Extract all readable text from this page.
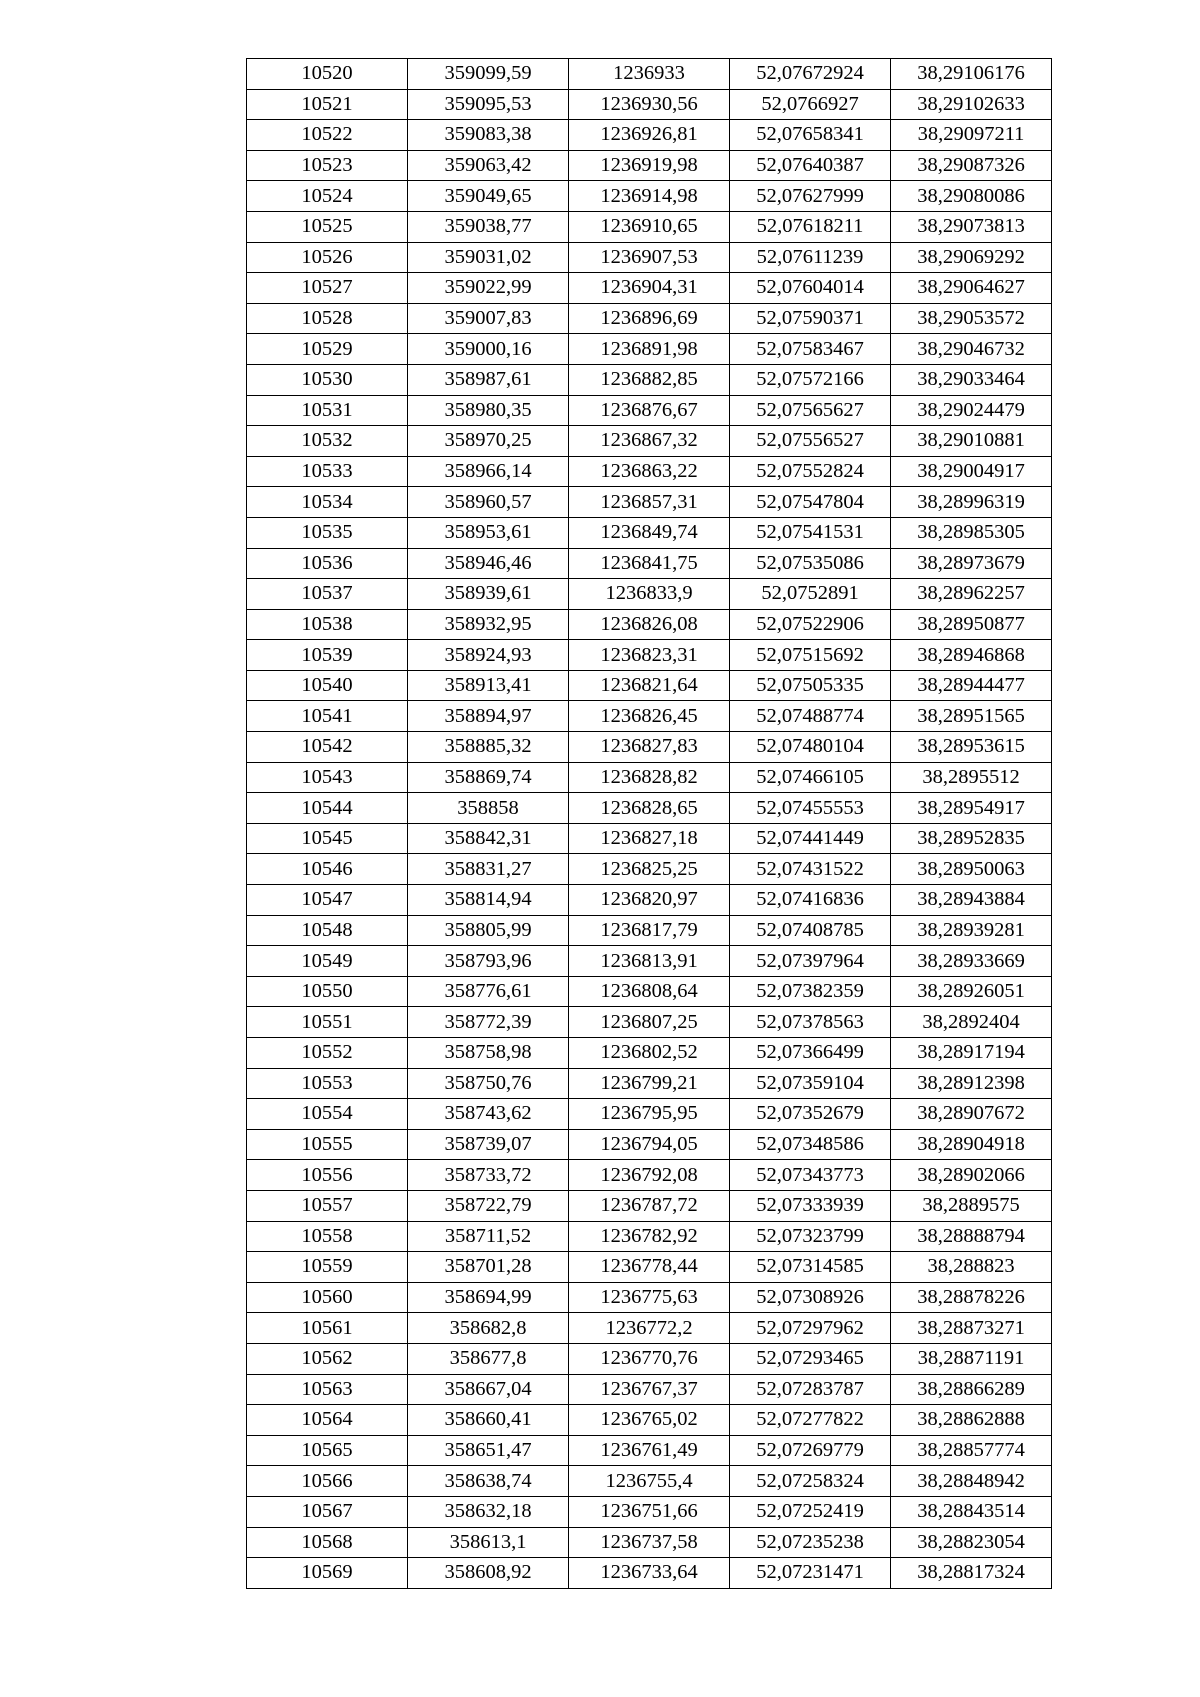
10520	359099,59	1236933	52,07672924	38,29106176
10521	359095,53	1236930,56	52,0766927	38,29102633
10522	359083,38	1236926,81	52,07658341	38,29097211
10523	359063,42	1236919,98	52,07640387	38,29087326
10524	359049,65	1236914,98	52,07627999	38,29080086
10525	359038,77	1236910,65	52,07618211	38,29073813
10526	359031,02	1236907,53	52,07611239	38,29069292
10527	359022,99	1236904,31	52,07604014	38,29064627
10528	359007,83	1236896,69	52,07590371	38,29053572
10529	359000,16	1236891,98	52,07583467	38,29046732
10530	358987,61	1236882,85	52,07572166	38,29033464
10531	358980,35	1236876,67	52,07565627	38,29024479
10532	358970,25	1236867,32	52,07556527	38,29010881
10533	358966,14	1236863,22	52,07552824	38,29004917
10534	358960,57	1236857,31	52,07547804	38,28996319
10535	358953,61	1236849,74	52,07541531	38,28985305
10536	358946,46	1236841,75	52,07535086	38,28973679
10537	358939,61	1236833,9	52,0752891	38,28962257
10538	358932,95	1236826,08	52,07522906	38,28950877
10539	358924,93	1236823,31	52,07515692	38,28946868
10540	358913,41	1236821,64	52,07505335	38,28944477
10541	358894,97	1236826,45	52,07488774	38,28951565
10542	358885,32	1236827,83	52,07480104	38,28953615
10543	358869,74	1236828,82	52,07466105	38,2895512
10544	358858	1236828,65	52,07455553	38,28954917
10545	358842,31	1236827,18	52,07441449	38,28952835
10546	358831,27	1236825,25	52,07431522	38,28950063
10547	358814,94	1236820,97	52,07416836	38,28943884
10548	358805,99	1236817,79	52,07408785	38,28939281
10549	358793,96	1236813,91	52,07397964	38,28933669
10550	358776,61	1236808,64	52,07382359	38,28926051
10551	358772,39	1236807,25	52,07378563	38,2892404
10552	358758,98	1236802,52	52,07366499	38,28917194
10553	358750,76	1236799,21	52,07359104	38,28912398
10554	358743,62	1236795,95	52,07352679	38,28907672
10555	358739,07	1236794,05	52,07348586	38,28904918
10556	358733,72	1236792,08	52,07343773	38,28902066
10557	358722,79	1236787,72	52,07333939	38,2889575
10558	358711,52	1236782,92	52,07323799	38,28888794
10559	358701,28	1236778,44	52,07314585	38,288823
10560	358694,99	1236775,63	52,07308926	38,28878226
10561	358682,8	1236772,2	52,07297962	38,28873271
10562	358677,8	1236770,76	52,07293465	38,28871191
10563	358667,04	1236767,37	52,07283787	38,28866289
10564	358660,41	1236765,02	52,07277822	38,28862888
10565	358651,47	1236761,49	52,07269779	38,28857774
10566	358638,74	1236755,4	52,07258324	38,28848942
10567	358632,18	1236751,66	52,07252419	38,28843514
10568	358613,1	1236737,58	52,07235238	38,28823054
10569	358608,92	1236733,64	52,07231471	38,28817324
